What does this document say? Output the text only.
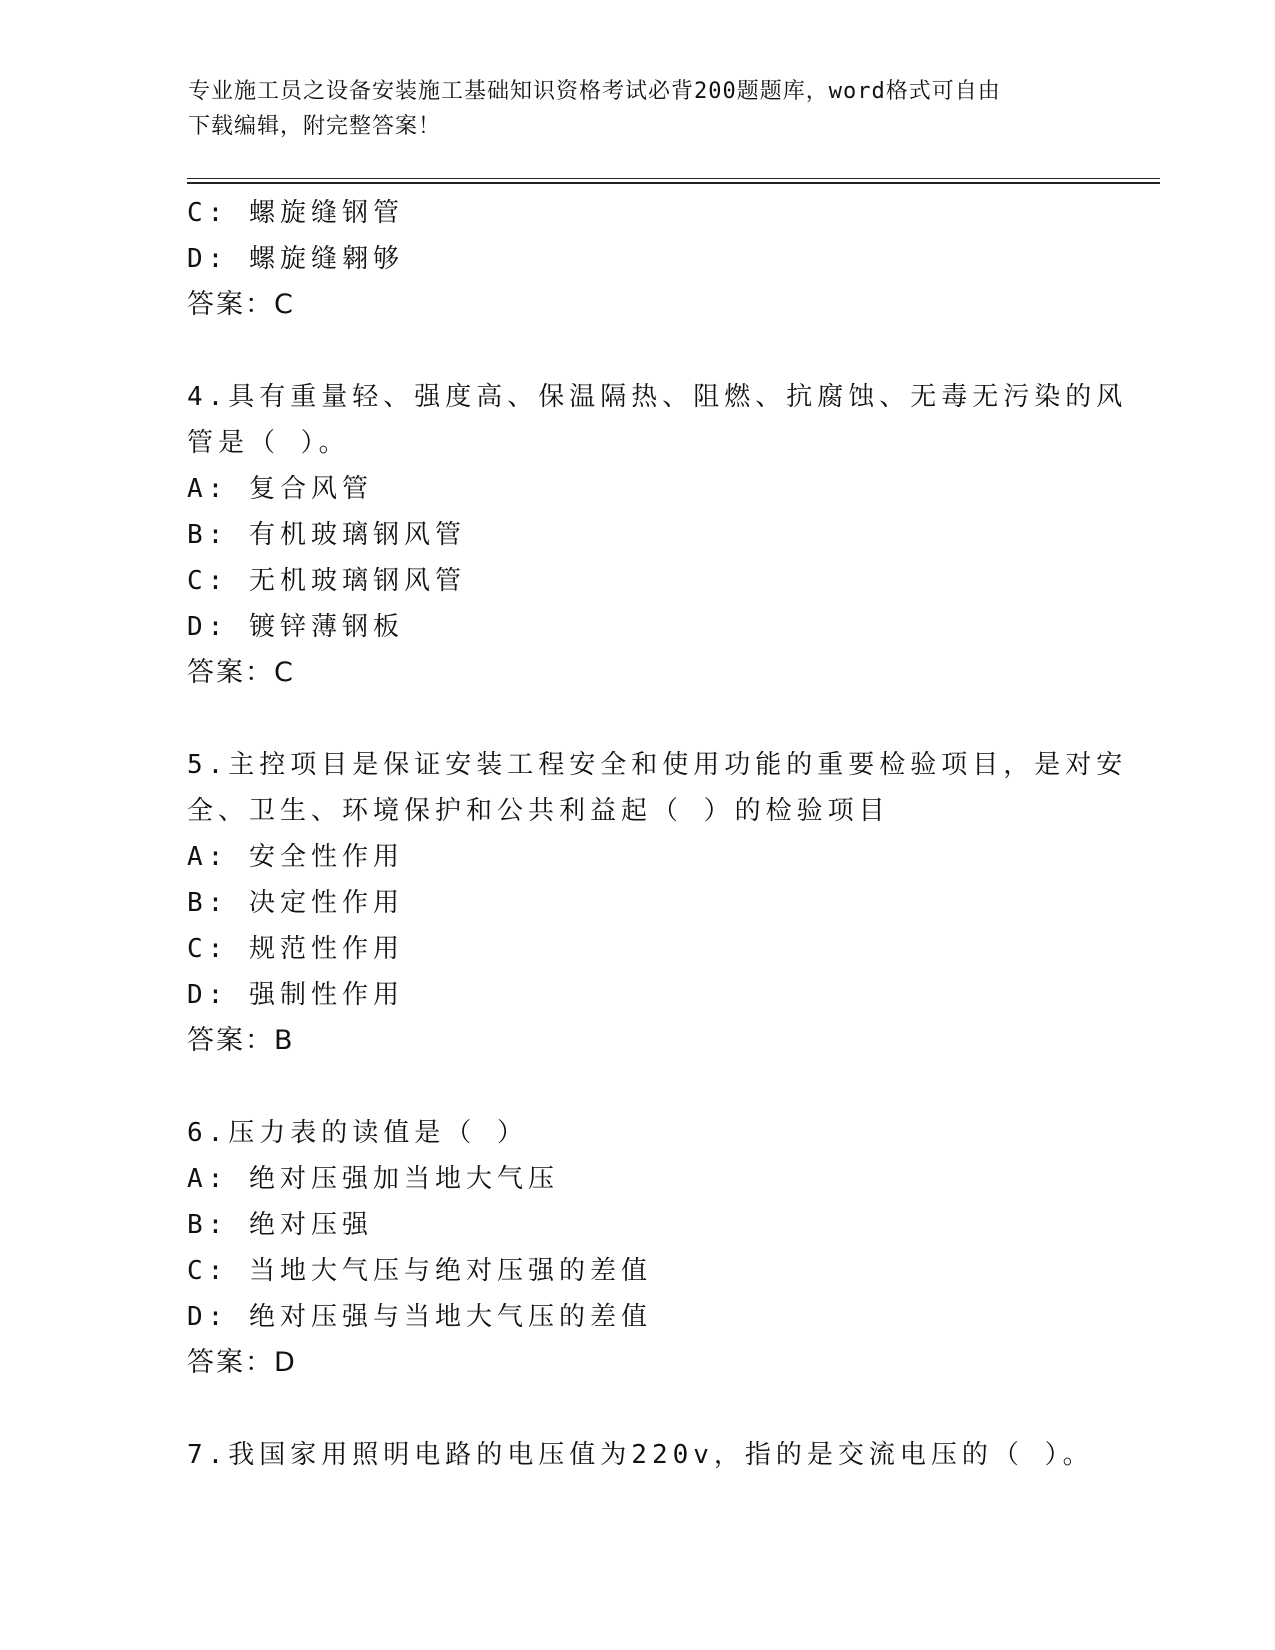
专业施工员之设备安装施工基础知识资格考试必背200题题库，word格式可自由
下载编辑，附完整答案！
C: 螺旋缝钢管
D: 螺旋缝翱够
答案：C
4.具有重量轻、强度高、保温隔热、阻燃、抗腐蚀、无毒无污染的风
管是（ ）。
A: 复合风管
B: 有机玻璃钢风管
C: 无机玻璃钢风管
D: 镀锌薄钢板
答案：C
5.主控项目是保证安装工程安全和使用功能的重要检验项目，是对安
全、卫生、环境保护和公共利益起（ ）的检验项目
A: 安全性作用
B: 决定性作用
C: 规范性作用
D: 强制性作用
答案：B
6.压力表的读值是（ ）
A: 绝对压强加当地大气压
B: 绝对压强
C: 当地大气压与绝对压强的差值
D: 绝对压强与当地大气压的差值
答案：D
7.我国家用照明电路的电压值为220v，指的是交流电压的（ ）。
